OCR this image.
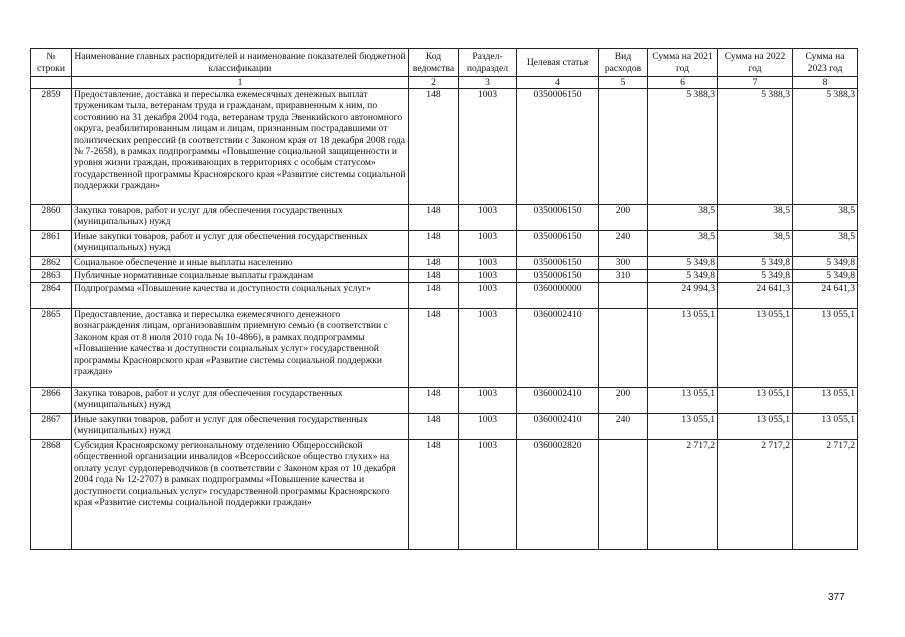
№ строки	Наименование главных распорядителей и наименование показателей бюджетной классификации	Код ведомства	Раздел-подраздел	Целевая статья	Вид расходов	Сумма на 2021 год	Сумма на 2022 год	Сумма на 2023 год
	1	2	3	4	5	6	7	8
2859	Предоставление, доставка и пересылка ежемесячных денежных выплат труженикам тыла, ветеранам труда и гражданам, приравненным к ним, по состоянию на 31 декабря 2004 года, ветеранам труда Эвенкийского автономного округа, реабилитированным лицам и лицам, признанным пострадавшими от политических репрессий (в соответствии с Законом края от 18 декабря 2008 года № 7-2658), в рамках подпрограммы «Повышение социальной защищенности и уровня жизни граждан, проживающих в территориях с особым статусом» государственной программы Красноярского края «Развитие системы социальной поддержки граждан»	148	1003	0350006150		5 388,3	5 388,3	5 388,3
2860	Закупка товаров, работ и услуг для обеспечения государственных (муниципальных) нужд	148	1003	0350006150	200	38,5	38,5	38,5
2861	Иные закупки товаров, работ и услуг для обеспечения государственных (муниципальных) нужд	148	1003	0350006150	240	38,5	38,5	38,5
2862	Социальное обеспечение и иные выплаты населению	148	1003	0350006150	300	5 349,8	5 349,8	5 349,8
2863	Публичные нормативные социальные выплаты гражданам	148	1003	0350006150	310	5 349,8	5 349,8	5 349,8
2864	Подпрограмма «Повышение качества и доступности социальных услуг»	148	1003	0360000000		24 994,3	24 641,3	24 641,3
2865	Предоставление, доставка и пересылка ежемесячного денежного вознаграждения лицам, организовавшим приемную семью (в соответствии с Законом края от 8 июля 2010 года № 10-4866), в рамках подпрограммы «Повышение качества и доступности социальных услуг» государственной программы Красноярского края «Развитие системы социальной поддержки граждан»	148	1003	0360002410		13 055,1	13 055,1	13 055,1
2866	Закупка товаров, работ и услуг для обеспечения государственных (муниципальных) нужд	148	1003	0360002410	200	13 055,1	13 055,1	13 055,1
2867	Иные закупки товаров, работ и услуг для обеспечения государственных (муниципальных) нужд	148	1003	0360002410	240	13 055,1	13 055,1	13 055,1
2868	Субсидия Красноярскому региональному отделению Общероссийской общественной организации инвалидов «Всероссийское общество глухих» на оплату услуг сурдопереводчиков (в соответствии с Законом края от 10 декабря 2004 года № 12-2707) в рамках подпрограммы «Повышение качества и доступности социальных услуг» государственной программы Красноярского края «Развитие системы социальной поддержки граждан»	148	1003	0360002820		2 717,2	2 717,2	2 717,2
377
